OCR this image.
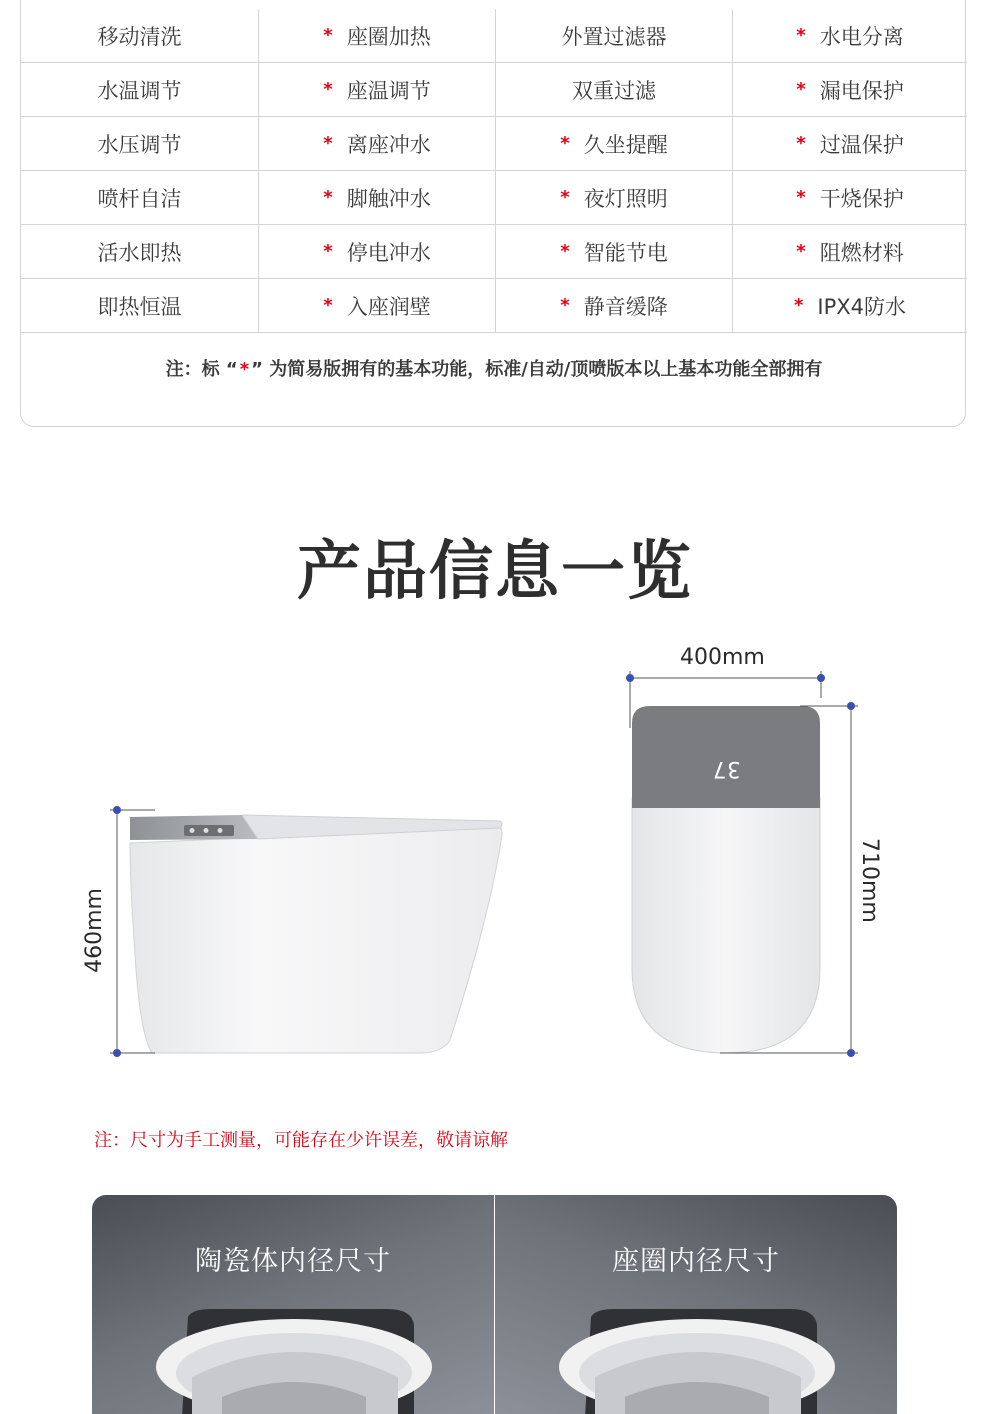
注：标 “ * ” 为简易版拥有的基本功能，标准/自动/顶喷版本以上基本功能全部拥有
移动清洗	* 座圈加热	外置过滤器	* 水电分离
水温调节	* 座温调节	双重过滤	* 漏电保护
水压调节	* 离座冲水	* 久坐提醒	* 过温保护
喷杆自洁	* 脚触冲水	* 夜灯照明	* 干烧保护
活水即热	* 停电冲水	* 智能节电	* 阻燃材料
即热恒温	* 入座润壁	* 静音缓降	* IPX4防水
产品信息一览
460mm
37
400mm
710mm
注：尺寸为手工测量，可能存在少许误差，敬请谅解
陶瓷体内径尺寸	座圈内径尺寸
